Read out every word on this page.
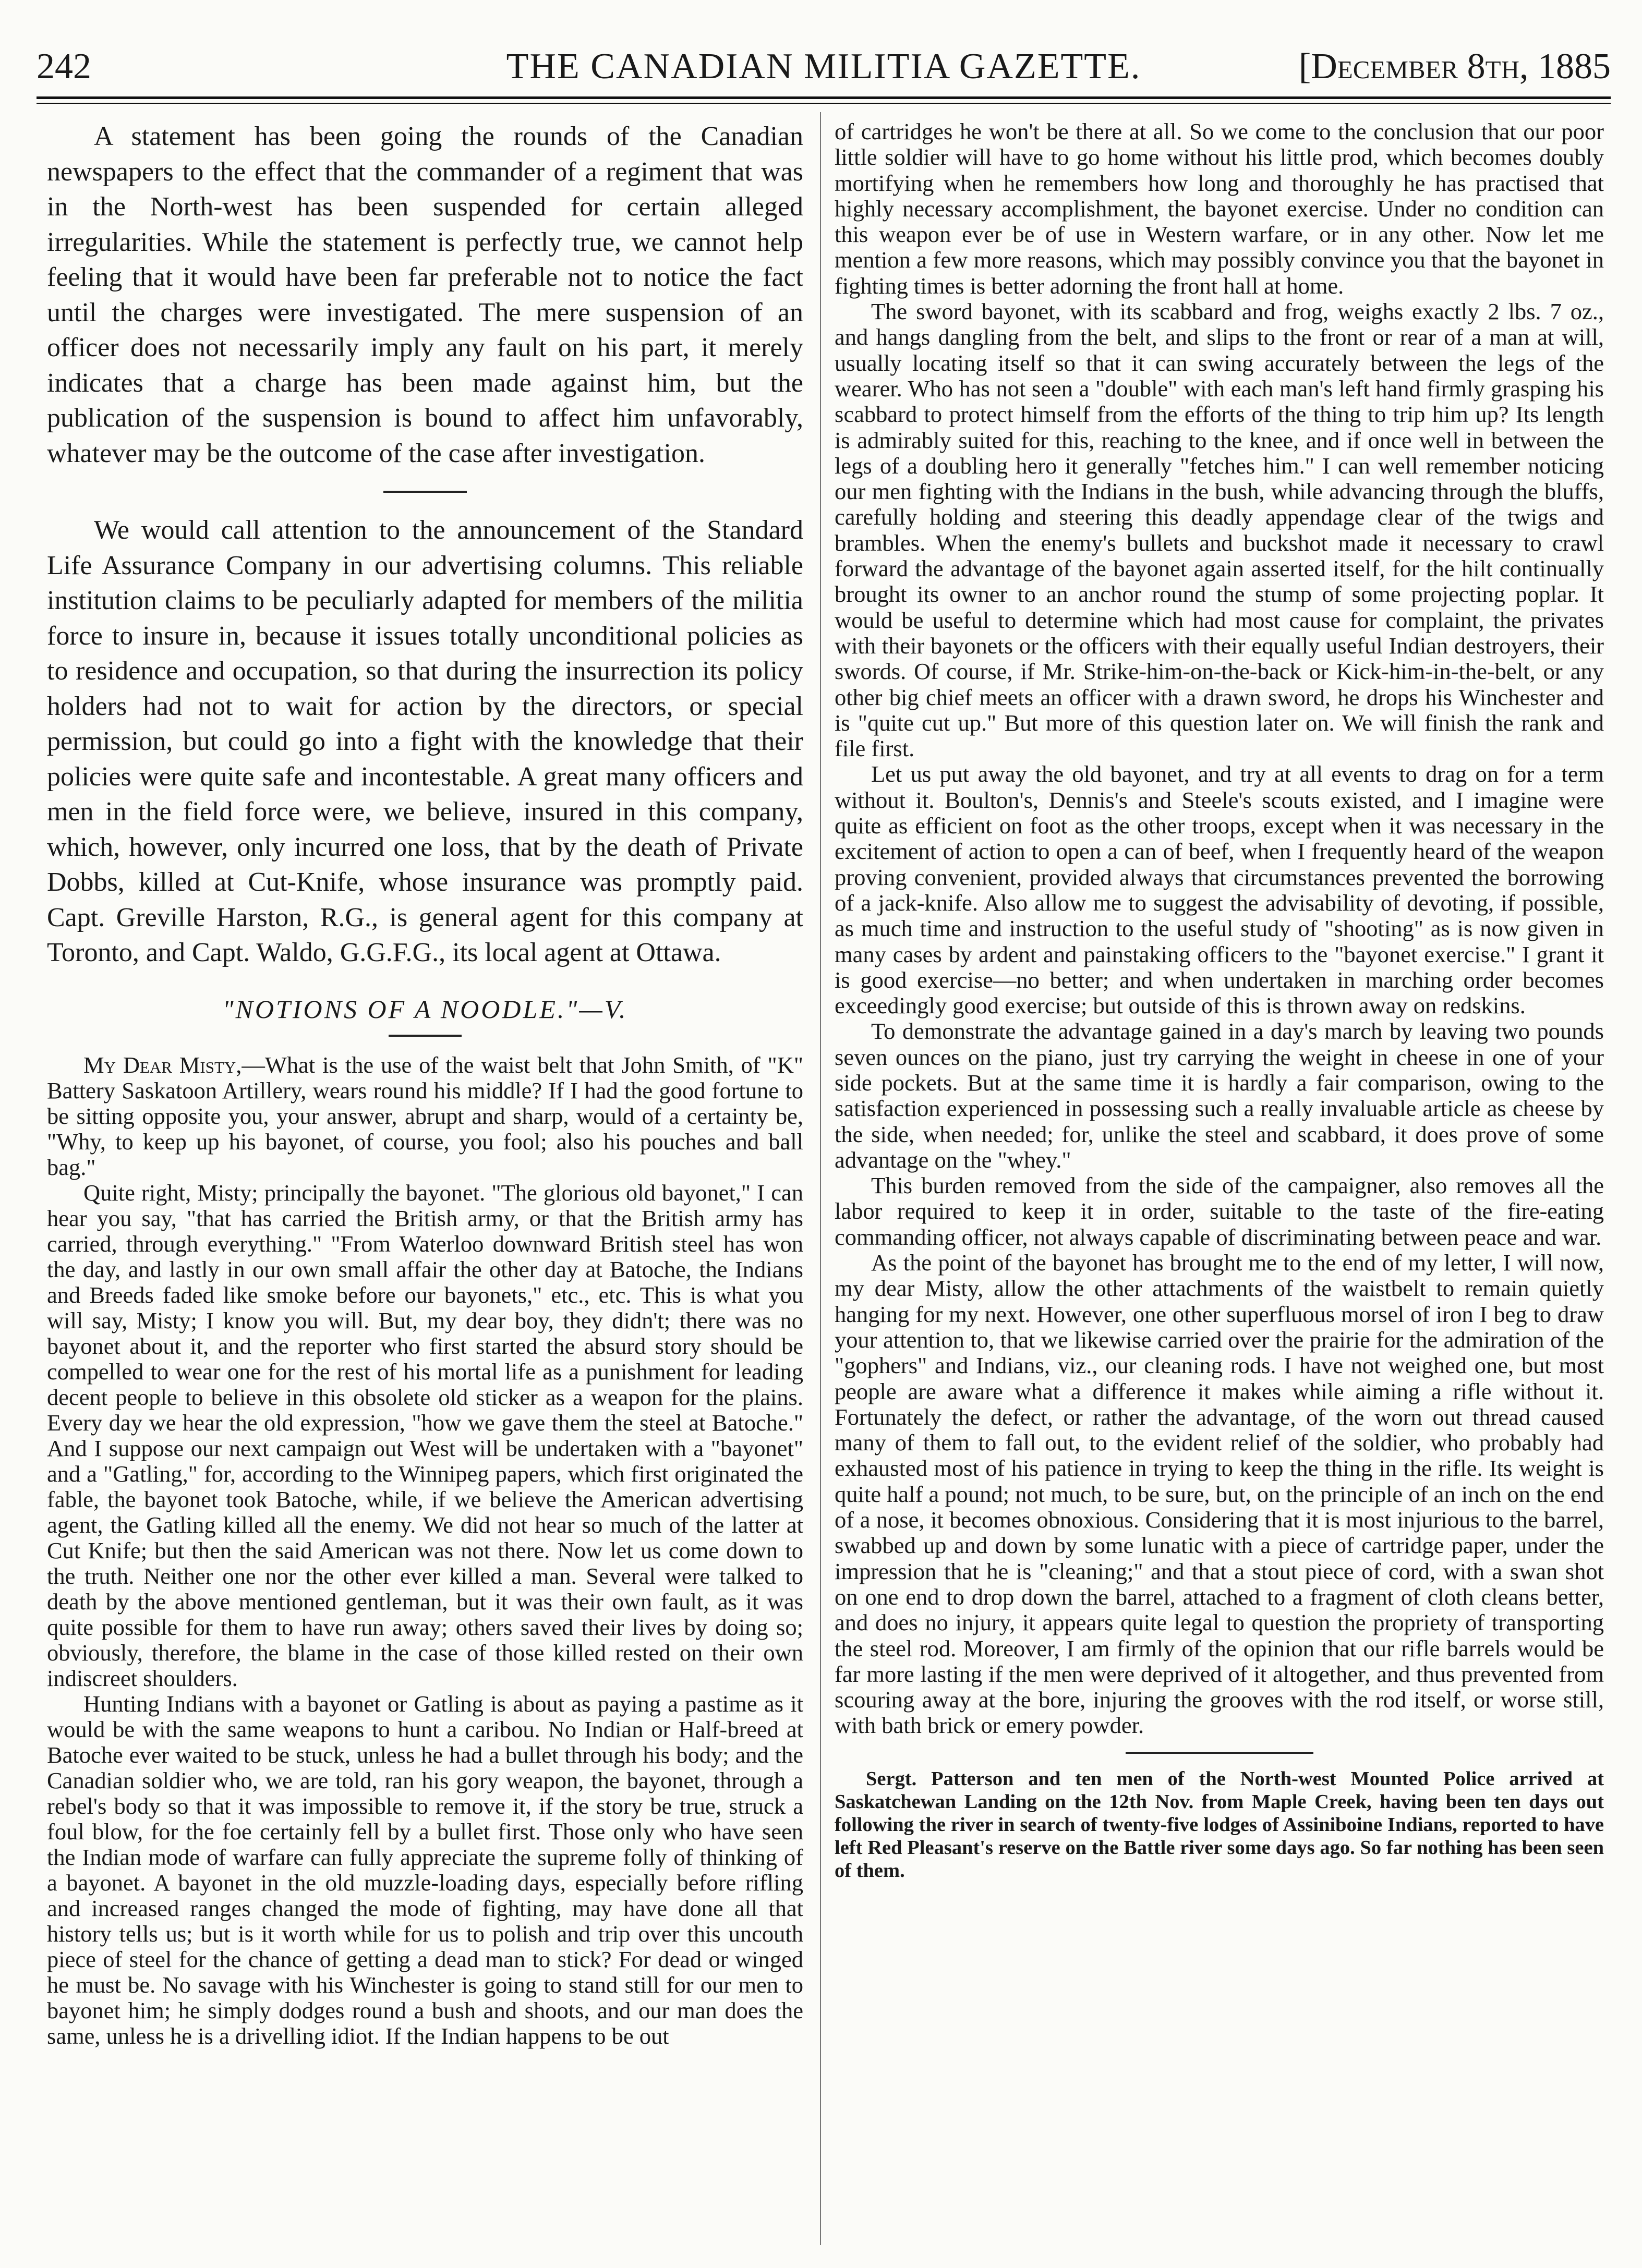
242	THE CANADIAN MILITIA GAZETTE.	[December 8th, 1885

A statement has been going the rounds of the Canadian newspapers to the effect that the commander of a regiment that was in the North-west has been suspended for certain alleged irregularities. While the statement is perfectly true, we cannot help feeling that it would have been far preferable not to notice the fact until the charges were investigated. The mere suspension of an officer does not necessarily imply any fault on his part, it merely indicates that a charge has been made against him, but the publication of the suspension is bound to affect him unfavorably, whatever may be the outcome of the case after investigation.

We would call attention to the announcement of the Standard Life Assurance Company in our advertising columns. This reliable institution claims to be peculiarly adapted for members of the militia force to insure in, because it issues totally unconditional policies as to residence and occupation, so that during the insurrection its policy holders had not to wait for action by the directors, or special permission, but could go into a fight with the knowledge that their policies were quite safe and incontestable. A great many officers and men in the field force were, we believe, insured in this company, which, however, only incurred one loss, that by the death of Private Dobbs, killed at Cut-Knife, whose insurance was promptly paid. Capt. Greville Harston, R.G., is general agent for this company at Toronto, and Capt. Waldo, G.G.F.G., its local agent at Ottawa.

"NOTIONS OF A NOODLE."—V.

My Dear Misty,—What is the use of the waist belt that John Smith, of "K" Battery Saskatoon Artillery, wears round his middle? If I had the good fortune to be sitting opposite you, your answer, abrupt and sharp, would of a certainty be, "Why, to keep up his bayonet, of course, you fool; also his pouches and ball bag."

Quite right, Misty; principally the bayonet. "The glorious old bayonet," I can hear you say, "that has carried the British army, or that the British army has carried, through everything." "From Waterloo downward British steel has won the day, and lastly in our own small affair the other day at Batoche, the Indians and Breeds faded like smoke before our bayonets," etc., etc. This is what you will say, Misty; I know you will. But, my dear boy, they didn't; there was no bayonet about it, and the reporter who first started the absurd story should be compelled to wear one for the rest of his mortal life as a punishment for leading decent people to believe in this obsolete old sticker as a weapon for the plains. Every day we hear the old expression, "how we gave them the steel at Batoche." And I suppose our next campaign out West will be undertaken with a "bayonet" and a "Gatling," for, according to the Winnipeg papers, which first originated the fable, the bayonet took Batoche, while, if we believe the American advertising agent, the Gatling killed all the enemy. We did not hear so much of the latter at Cut Knife; but then the said American was not there. Now let us come down to the truth. Neither one nor the other ever killed a man. Several were talked to death by the above mentioned gentleman, but it was their own fault, as it was quite possible for them to have run away; others saved their lives by doing so; obviously, therefore, the blame in the case of those killed rested on their own indiscreet shoulders.

Hunting Indians with a bayonet or Gatling is about as paying a pastime as it would be with the same weapons to hunt a caribou. No Indian or Half-breed at Batoche ever waited to be stuck, unless he had a bullet through his body; and the Canadian soldier who, we are told, ran his gory weapon, the bayonet, through a rebel's body so that it was impossible to remove it, if the story be true, struck a foul blow, for the foe certainly fell by a bullet first. Those only who have seen the Indian mode of warfare can fully appreciate the supreme folly of thinking of a bayonet. A bayonet in the old muzzle-loading days, especially before rifling and increased ranges changed the mode of fighting, may have done all that history tells us; but is it worth while for us to polish and trip over this uncouth piece of steel for the chance of getting a dead man to stick? For dead or winged he must be. No savage with his Winchester is going to stand still for our men to bayonet him; he simply dodges round a bush and shoots, and our man does the same, unless he is a drivelling idiot. If the Indian happens to be out

of cartridges he won't be there at all. So we come to the conclusion that our poor little soldier will have to go home without his little prod, which becomes doubly mortifying when he remembers how long and thoroughly he has practised that highly necessary accomplishment, the bayonet exercise. Under no condition can this weapon ever be of use in Western warfare, or in any other. Now let me mention a few more reasons, which may possibly convince you that the bayonet in fighting times is better adorning the front hall at home.

The sword bayonet, with its scabbard and frog, weighs exactly 2 lbs. 7 oz., and hangs dangling from the belt, and slips to the front or rear of a man at will, usually locating itself so that it can swing accurately between the legs of the wearer. Who has not seen a "double" with each man's left hand firmly grasping his scabbard to protect himself from the efforts of the thing to trip him up? Its length is admirably suited for this, reaching to the knee, and if once well in between the legs of a doubling hero it generally "fetches him." I can well remember noticing our men fighting with the Indians in the bush, while advancing through the bluffs, carefully holding and steering this deadly appendage clear of the twigs and brambles. When the enemy's bullets and buckshot made it necessary to crawl forward the advantage of the bayonet again asserted itself, for the hilt continually brought its owner to an anchor round the stump of some projecting poplar. It would be useful to determine which had most cause for complaint, the privates with their bayonets or the officers with their equally useful Indian destroyers, their swords. Of course, if Mr. Strike-him-on-the-back or Kick-him-in-the-belt, or any other big chief meets an officer with a drawn sword, he drops his Winchester and is "quite cut up." But more of this question later on. We will finish the rank and file first.

Let us put away the old bayonet, and try at all events to drag on for a term without it. Boulton's, Dennis's and Steele's scouts existed, and I imagine were quite as efficient on foot as the other troops, except when it was necessary in the excitement of action to open a can of beef, when I frequently heard of the weapon proving convenient, provided always that circumstances prevented the borrowing of a jack-knife. Also allow me to suggest the advisability of devoting, if possible, as much time and instruction to the useful study of "shooting" as is now given in many cases by ardent and painstaking officers to the "bayonet exercise." I grant it is good exercise—no better; and when undertaken in marching order becomes exceedingly good exercise; but outside of this is thrown away on redskins.

To demonstrate the advantage gained in a day's march by leaving two pounds seven ounces on the piano, just try carrying the weight in cheese in one of your side pockets. But at the same time it is hardly a fair comparison, owing to the satisfaction experienced in possessing such a really invaluable article as cheese by the side, when needed; for, unlike the steel and scabbard, it does prove of some advantage on the "whey."

This burden removed from the side of the campaigner, also removes all the labor required to keep it in order, suitable to the taste of the fire-eating commanding officer, not always capable of discriminating between peace and war.

As the point of the bayonet has brought me to the end of my letter, I will now, my dear Misty, allow the other attachments of the waistbelt to remain quietly hanging for my next. However, one other superfluous morsel of iron I beg to draw your attention to, that we likewise carried over the prairie for the admiration of the "gophers" and Indians, viz., our cleaning rods. I have not weighed one, but most people are aware what a difference it makes while aiming a rifle without it. Fortunately the defect, or rather the advantage, of the worn out thread caused many of them to fall out, to the evident relief of the soldier, who probably had exhausted most of his patience in trying to keep the thing in the rifle. Its weight is quite half a pound; not much, to be sure, but, on the principle of an inch on the end of a nose, it becomes obnoxious. Considering that it is most injurious to the barrel, swabbed up and down by some lunatic with a piece of cartridge paper, under the impression that he is "cleaning;" and that a stout piece of cord, with a swan shot on one end to drop down the barrel, attached to a fragment of cloth cleans better, and does no injury, it appears quite legal to question the propriety of transporting the steel rod. Moreover, I am firmly of the opinion that our rifle barrels would be far more lasting if the men were deprived of it altogether, and thus prevented from scouring away at the bore, injuring the grooves with the rod itself, or worse still, with bath brick or emery powder.

Sergt. Patterson and ten men of the North-west Mounted Police arrived at Saskatchewan Landing on the 12th Nov. from Maple Creek, having been ten days out following the river in search of twenty-five lodges of Assiniboine Indians, reported to have left Red Pleasant's reserve on the Battle river some days ago. So far nothing has been seen of them.
